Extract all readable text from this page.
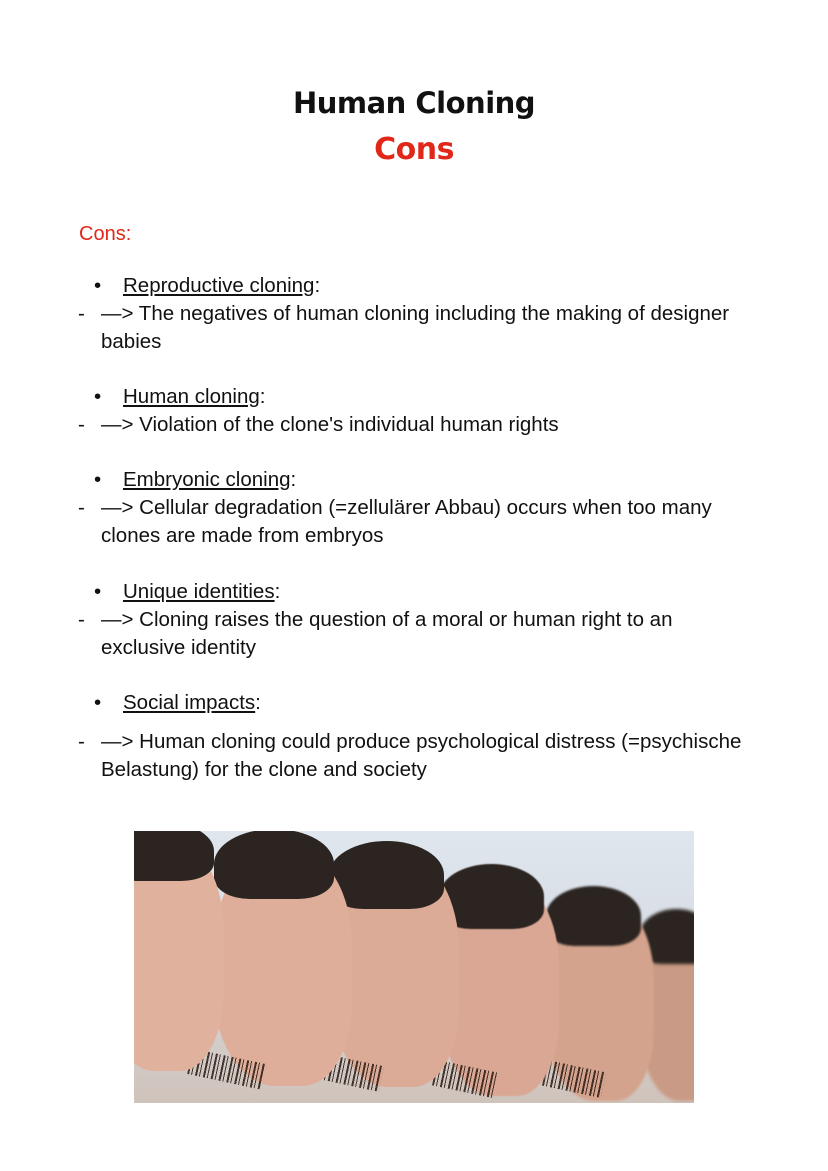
Human Cloning
Cons
Cons:
• Reproductive cloning:
- —> The negatives of human cloning including the making of designer babies
• Human cloning:
- —> Violation of the clone's individual human rights
• Embryonic cloning:
- —> Cellular degradation (=zellulärer Abbau) occurs when too many clones are made from embryos
• Unique identities:
- —> Cloning raises the question of a moral or human right to an exclusive identity
• Social impacts:
- —> Human cloning could produce psychological distress (=psychische Belastung) for the clone and society
